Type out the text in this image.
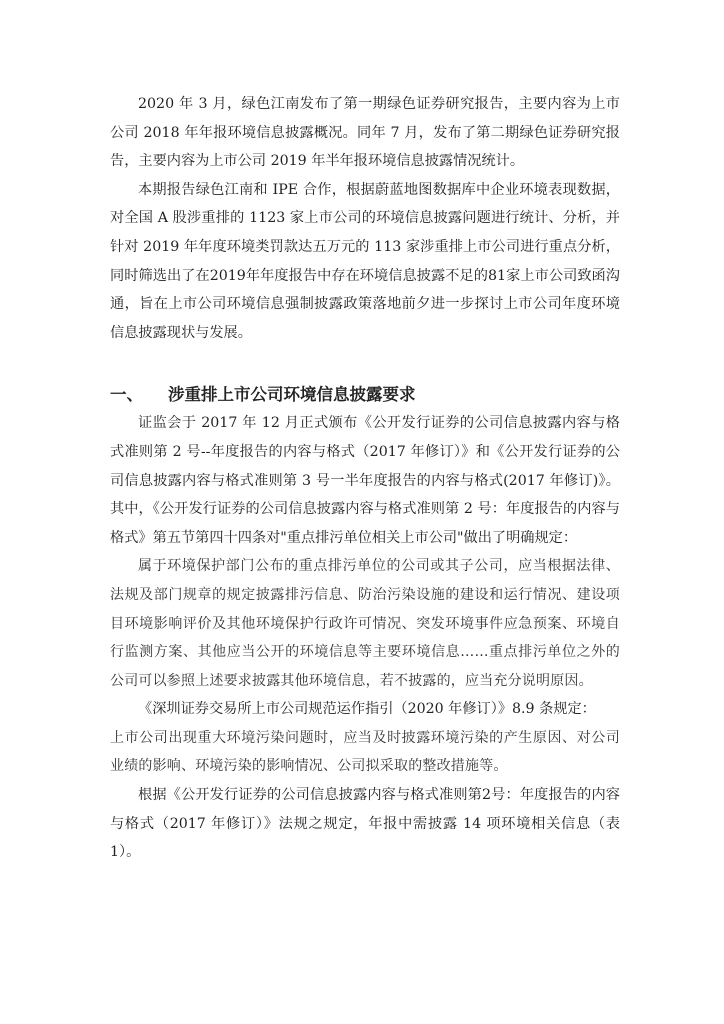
2020 年 3 月，绿色江南发布了第一期绿色证券研究报告，主要内容为上市公司 2018 年年报环境信息披露概况。同年 7 月，发布了第二期绿色证券研究报告，主要内容为上市公司 2019 年半年报环境信息披露情况统计。

本期报告绿色江南和 IPE 合作，根据蔚蓝地图数据库中企业环境表现数据，对全国 A 股涉重排的 1123 家上市公司的环境信息披露问题进行统计、分析，并针对 2019 年年度环境类罚款达五万元的 113 家涉重排上市公司进行重点分析，同时筛选出了在2019年年度报告中存在环境信息披露不足的81家上市公司致函沟通，旨在上市公司环境信息强制披露政策落地前夕进一步探讨上市公司年度环境信息披露现状与发展。

一、	涉重排上市公司环境信息披露要求

证监会于 2017 年 12 月正式颁布《公开发行证券的公司信息披露内容与格式准则第 2 号--年度报告的内容与格式（2017 年修订）》和《公开发行证券的公司信息披露内容与格式准则第 3 号一半年度报告的内容与格式(2017 年修订)》。其中，《公开发行证券的公司信息披露内容与格式准则第 2 号：年度报告的内容与格式》第五节第四十四条对"重点排污单位相关上市公司"做出了明确规定：

属于环境保护部门公布的重点排污单位的公司或其子公司，应当根据法律、法规及部门规章的规定披露排污信息、防治污染设施的建设和运行情况、建设项目环境影响评价及其他环境保护行政许可情况、突发环境事件应急预案、环境自行监测方案、其他应当公开的环境信息等主要环境信息……重点排污单位之外的公司可以参照上述要求披露其他环境信息，若不披露的，应当充分说明原因。

《深圳证券交易所上市公司规范运作指引（2020 年修订）》8.9 条规定：

上市公司出现重大环境污染问题时，应当及时披露环境污染的产生原因、对公司业绩的影响、环境污染的影响情况、公司拟采取的整改措施等。

根据《公开发行证券的公司信息披露内容与格式准则第2号：年度报告的内容与格式（2017 年修订）》法规之规定，年报中需披露 14 项环境相关信息（表1）。
